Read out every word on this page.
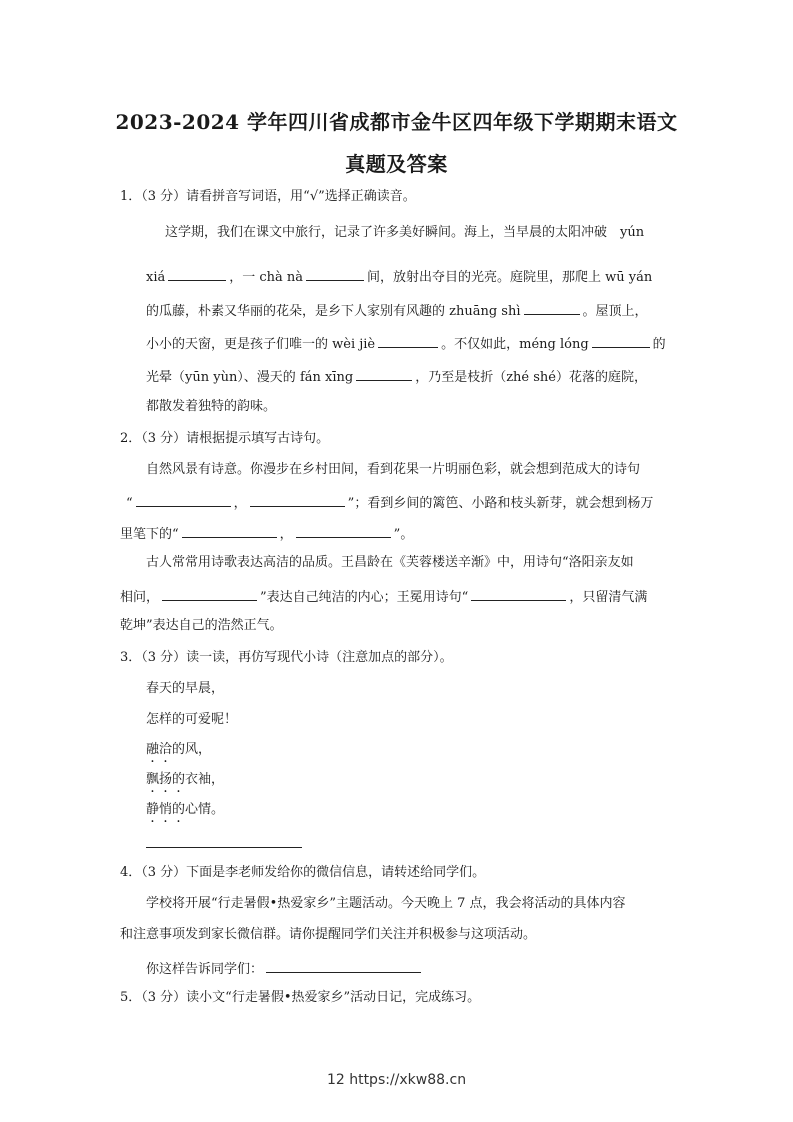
2023-2024 学年四川省成都市金牛区四年级下学期期末语文
真题及答案
1．（3 分）请看拼音写词语，用“√”选择正确读音。
这学期，我们在课文中旅行，记录了许多美好瞬间。海上，当早晨的太阳冲破　yún
xiá	，一 chà nà	间，放射出夺目的光亮。庭院里，那爬上 wū yán
的瓜藤，朴素又华丽的花朵，是乡下人家别有风趣的 zhuāng shì	。屋顶上，
小小的天窗，更是孩子们唯一的 wèi jiè	。不仅如此，méng lóng	的
光晕（yūn yùn）、漫天的 fán xīng	，乃至是枝折（zhé shé）花落的庭院，
都散发着独特的韵味。
2．（3 分）请根据提示填写古诗句。
自然风景有诗意。你漫步在乡村田间，看到花果一片明丽色彩，就会想到范成大的诗句
“	，	”；看到乡间的篱笆、小路和枝头新芽，就会想到杨万
里笔下的“	，	”。
古人常常用诗歌表达高洁的品质。王昌龄在《芙蓉楼送辛渐》中，用诗句“洛阳亲友如
相问，	”表达自己纯洁的内心；王冕用诗句“	，只留清气满
乾坤”表达自己的浩然正气。
3．（3 分）读一读，再仿写现代小诗（注意加点的部分）。
春天的早晨，
怎样的可爱呢！
融洽的风，
飘扬的衣袖，
静悄的心情。
4．（3 分）下面是李老师发给你的微信信息，请转述给同学们。
学校将开展“行走暑假•热爱家乡”主题活动。今天晚上 7 点，我会将活动的具体内容
和注意事项发到家长微信群。请你提醒同学们关注并积极参与这项活动。
你这样告诉同学们：
5．（3 分）读小文“行走暑假•热爱家乡”活动日记，完成练习。
12 https://xkw88.cn
